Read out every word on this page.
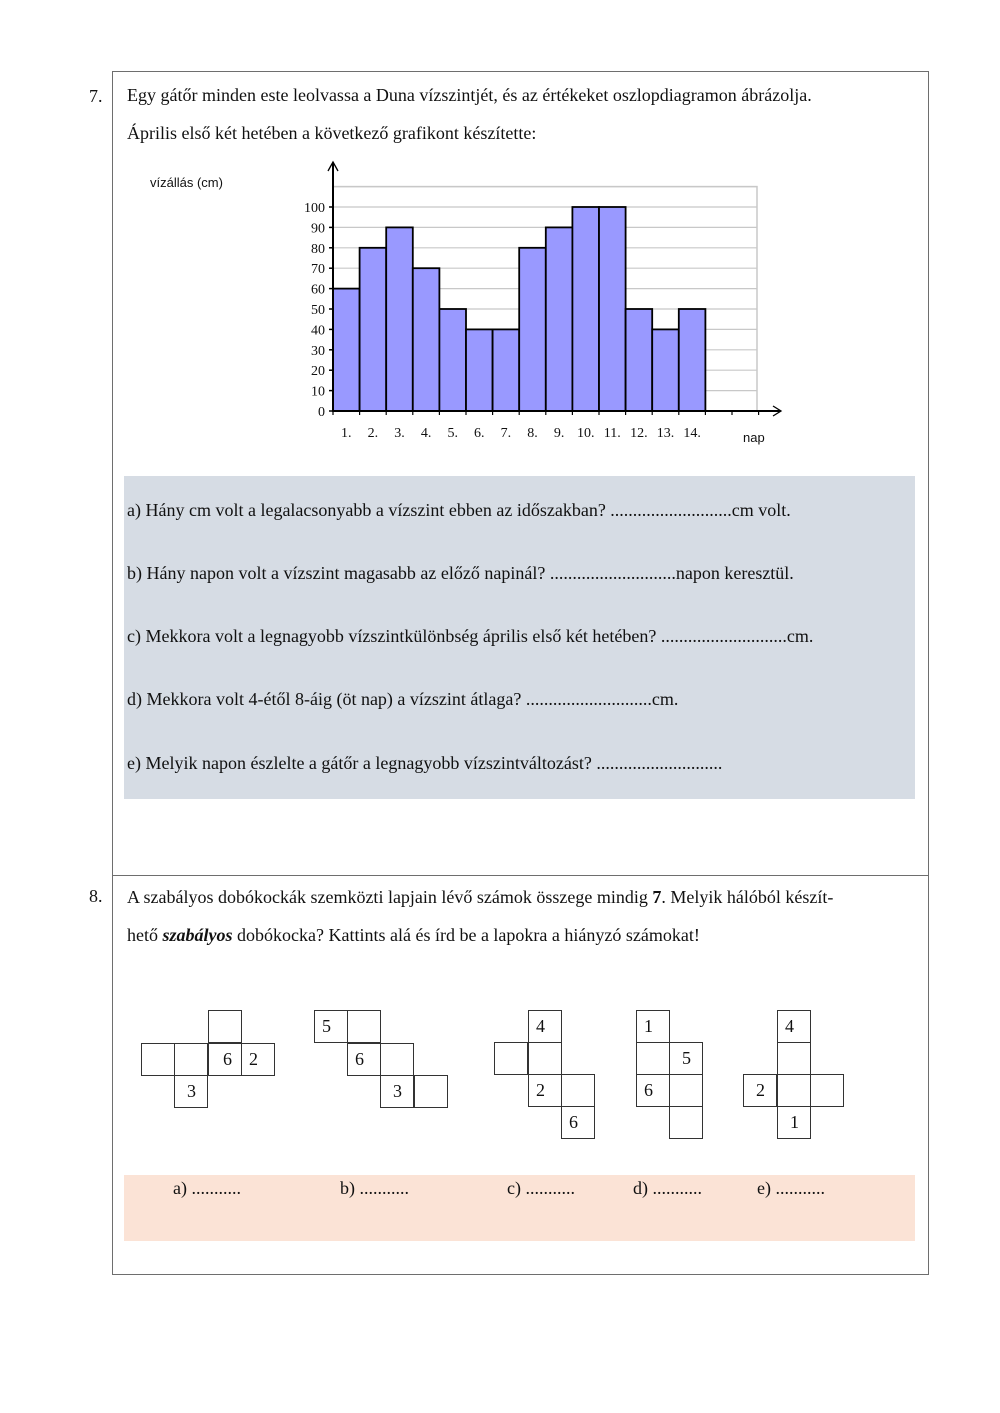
7. Egy gátőr minden este leolvassa a Duna vízszintjét, és az értékeket oszlopdiagramon ábrázolja.
Április első két hetében a következő grafikont készítette:
vízállás (cm)
nap
0
10
20
30
40
50
60
70
80
90
100
1. 2. 3. 4. 5. 6. 7. 8. 9. 10. 11. 12. 13. 14.
a) Hány cm volt a legalacsonyabb a vízszint ebben az időszakban? ...........................cm volt.
b) Hány napon volt a vízszint magasabb az előző napinál? ............................napon keresztül.
c) Mekkora volt a legnagyobb vízszintkülönbség április első két hetében? ............................cm.
d) Mekkora volt 4-étől 8-áig (öt nap) a vízszint átlaga? ............................cm.
e) Melyik napon észlelte a gátőr a legnagyobb vízszintváltozást? ............................
8. A szabályos dobókockák szemközti lapjain lévő számok összege mindig 7. Melyik hálóból készít-
hető szabályos dobókocka? Kattints alá és írd be a lapokra a hiányzó számokat!
6 2
3
5
6
3
4
2
6
1
5
6
4
2
1
a) ...........	b) ...........	c) ...........	d) ...........	e) ...........
